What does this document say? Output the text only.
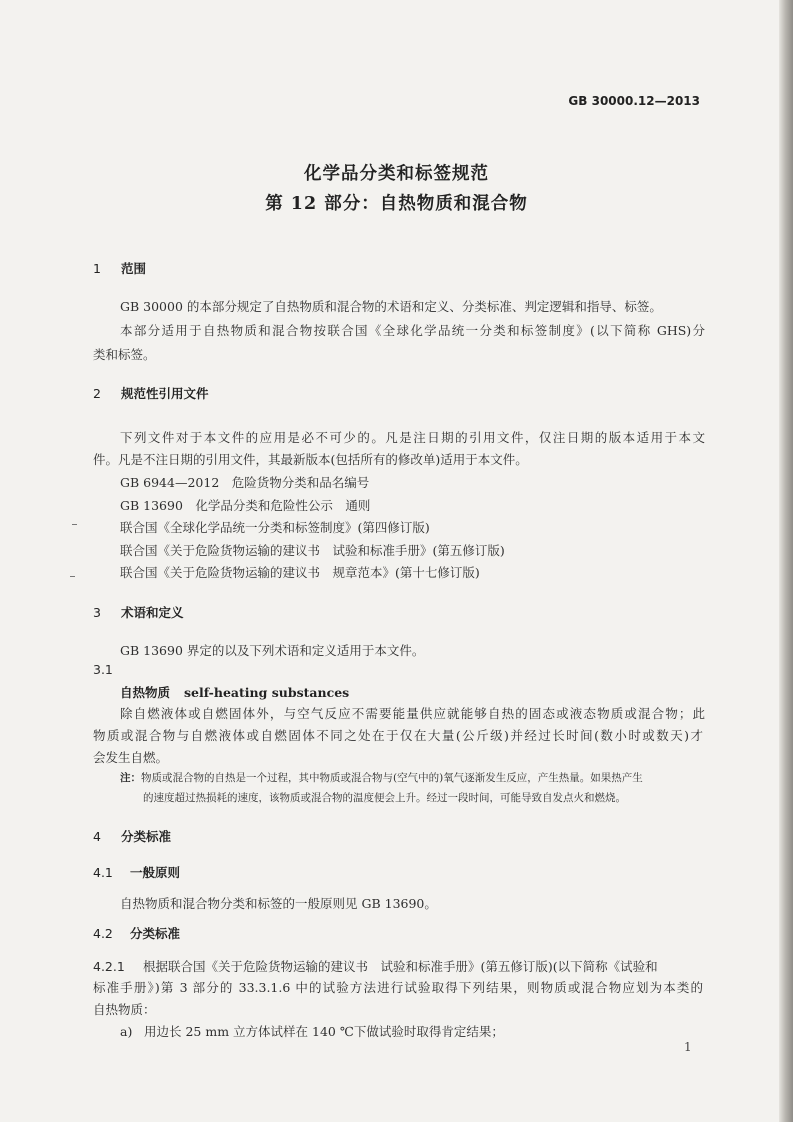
GB 30000.12—2013
化学品分类和标签规范
第 12 部分：自热物质和混合物
1 范围
GB 30000 的本部分规定了自热物质和混合物的术语和定义、分类标准、判定逻辑和指导、标签。
本部分适用于自热物质和混合物按联合国《全球化学品统一分类和标签制度》(以下简称 GHS)分
类和标签。
2 规范性引用文件
下列文件对于本文件的应用是必不可少的。凡是注日期的引用文件，仅注日期的版本适用于本文
件。凡是不注日期的引用文件，其最新版本(包括所有的修改单)适用于本文件。
GB 6944—2012　危险货物分类和品名编号
GB 13690　化学品分类和危险性公示　通则
联合国《全球化学品统一分类和标签制度》(第四修订版)
联合国《关于危险货物运输的建议书　试验和标准手册》(第五修订版)
联合国《关于危险货物运输的建议书　规章范本》(第十七修订版)
3 术语和定义
GB 13690 界定的以及下列术语和定义适用于本文件。
3.1
自热物质 self-heating substances
除自燃液体或自燃固体外，与空气反应不需要能量供应就能够自热的固态或液态物质或混合物；此
物质或混合物与自燃液体或自燃固体不同之处在于仅在大量(公斤级)并经过长时间(数小时或数天)才
会发生自燃。
注：物质或混合物的自热是一个过程，其中物质或混合物与(空气中的)氧气逐渐发生反应，产生热量。如果热产生
的速度超过热损耗的速度，该物质或混合物的温度便会上升。经过一段时间，可能导致自发点火和燃烧。
4 分类标准
4.1 一般原则
自热物质和混合物分类和标签的一般原则见 GB 13690。
4.2 分类标准
4.2.1 根据联合国《关于危险货物运输的建议书　试验和标准手册》(第五修订版)(以下简称《试验和
标准手册》)第 3 部分的 33.3.1.6 中的试验方法进行试验取得下列结果，则物质或混合物应划为本类的
自热物质：
a) 用边长 25 mm 立方体试样在 140 ℃下做试验时取得肯定结果；
1
